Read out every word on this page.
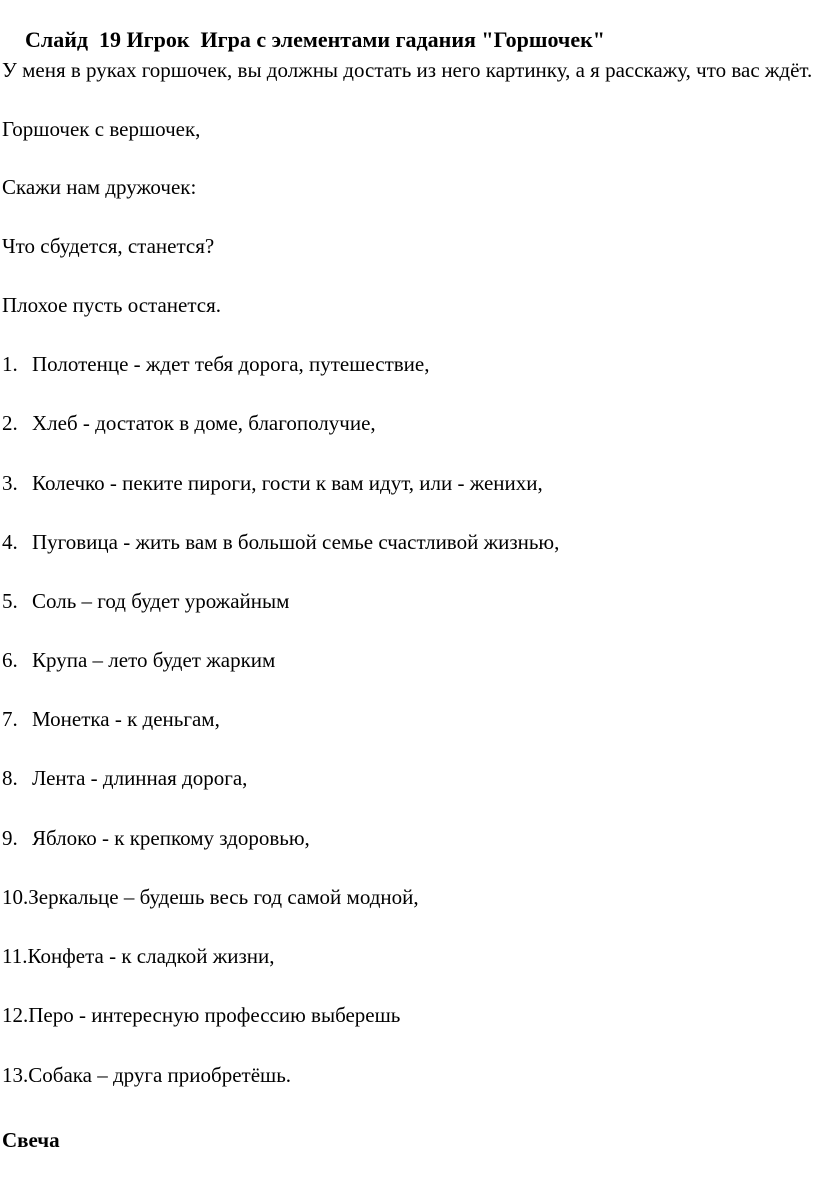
Слайд  19 Игрок  Игра с элементами гадания "Горшочек"

У меня в руках горшочек, вы должны достать из него картинку, а я расскажу, что вас ждёт.

Горшочек с вершочек,

Скажи нам дружочек:

Что сбудется, станется?

Плохое пусть останется.

1. Полотенце - ждет тебя дорога, путешествие,

2. Хлеб - достаток в доме, благополучие,

3. Колечко - пеките пироги, гости к вам идут, или - женихи,

4. Пуговица - жить вам в большой семье счастливой жизнью,

5. Соль – год будет урожайным

6. Крупа – лето будет жарким

7. Монетка - к деньгам,

8. Лента - длинная дорога,

9. Яблоко - к крепкому здоровью,

10.Зеркальце – будешь весь год самой модной,

11.Конфета - к сладкой жизни,

12.Перо - интересную профессию выберешь

13.Собака – друга приобретёшь.

Свеча
